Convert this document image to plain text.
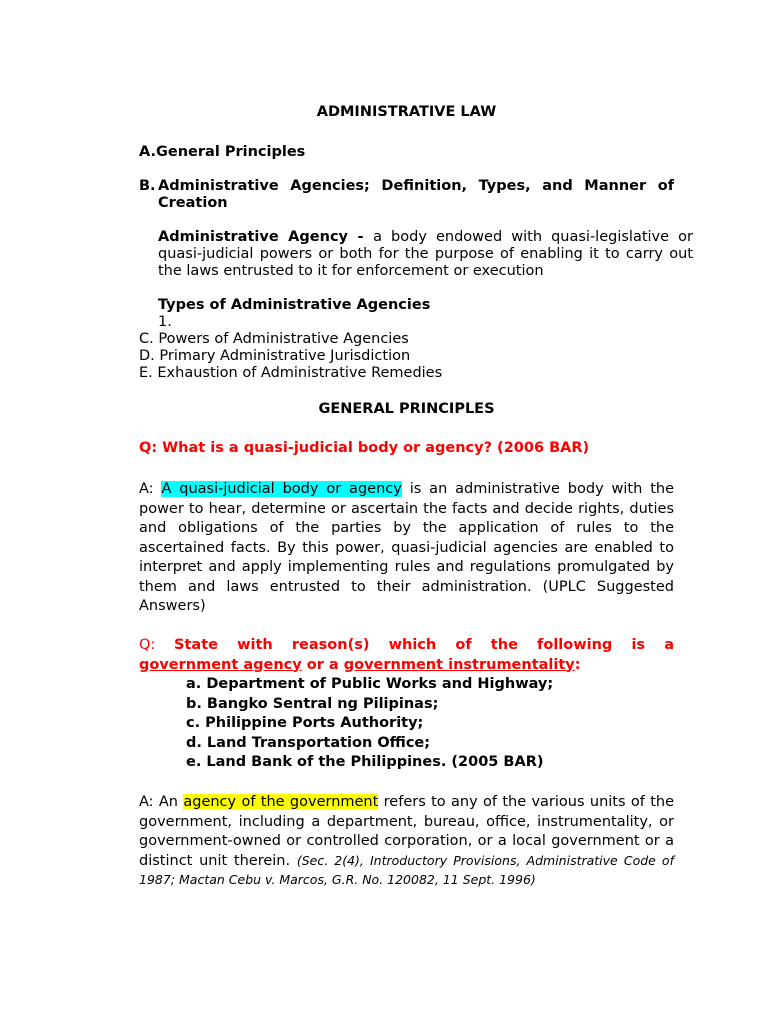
ADMINISTRATIVE LAW
A.General Principles
B. Administrative Agencies; Definition, Types, and Manner of Creation
Administrative Agency - a body endowed with quasi-legislative or quasi-judicial powers or both for the purpose of enabling it to carry out the laws entrusted to it for enforcement or execution
Types of Administrative Agencies
1.
C. Powers of Administrative Agencies
D. Primary Administrative Jurisdiction
E. Exhaustion of Administrative Remedies
GENERAL PRINCIPLES
Q: What is a quasi-judicial body or agency? (2006 BAR)
A: A quasi-judicial body or agency is an administrative body with the power to hear, determine or ascertain the facts and decide rights, duties and obligations of the parties by the application of rules to the ascertained facts. By this power, quasi-judicial agencies are enabled to interpret and apply implementing rules and regulations promulgated by them and laws entrusted to their administration. (UPLC Suggested Answers)
Q: State with reason(s) which of the following is a
government agency or a government instrumentality:
a. Department of Public Works and Highway;
b. Bangko Sentral ng Pilipinas;
c. Philippine Ports Authority;
d. Land Transportation Office;
e. Land Bank of the Philippines. (2005 BAR)
A: An agency of the government refers to any of the various units of the government, including a department, bureau, office, instrumentality, or government-owned or controlled corporation, or a local government or a distinct unit therein. (Sec. 2(4), Introductory Provisions, Administrative Code of 1987; Mactan Cebu v. Marcos, G.R. No. 120082, 11 Sept. 1996)
